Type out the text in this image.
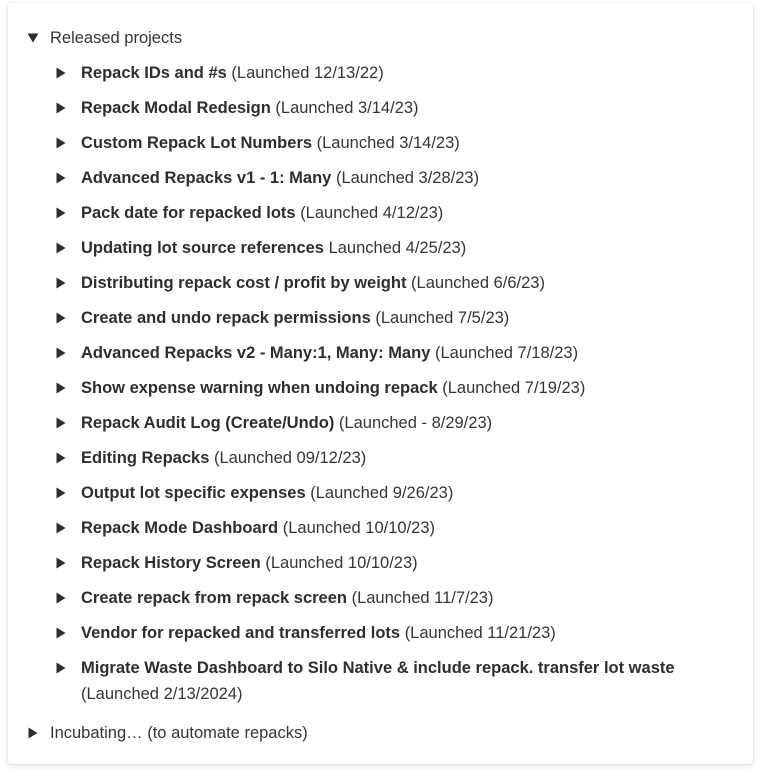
Released projects
Repack IDs and #s (Launched 12/13/22)
Repack Modal Redesign (Launched 3/14/23)
Custom Repack Lot Numbers (Launched 3/14/23)
Advanced Repacks v1 - 1: Many (Launched 3/28/23)
Pack date for repacked lots (Launched 4/12/23)
Updating lot source references Launched 4/25/23)
Distributing repack cost / profit by weight (Launched 6/6/23)
Create and undo repack permissions (Launched 7/5/23)
Advanced Repacks v2 - Many:1, Many: Many (Launched 7/18/23)
Show expense warning when undoing repack (Launched 7/19/23)
Repack Audit Log (Create/Undo) (Launched - 8/29/23)
Editing Repacks (Launched 09/12/23)
Output lot specific expenses (Launched 9/26/23)
Repack Mode Dashboard (Launched 10/10/23)
Repack History Screen (Launched 10/10/23)
Create repack from repack screen (Launched 11/7/23)
Vendor for repacked and transferred lots (Launched 11/21/23)
Migrate Waste Dashboard to Silo Native & include repack. transfer lot waste (Launched 2/13/2024)
Incubating… (to automate repacks)
